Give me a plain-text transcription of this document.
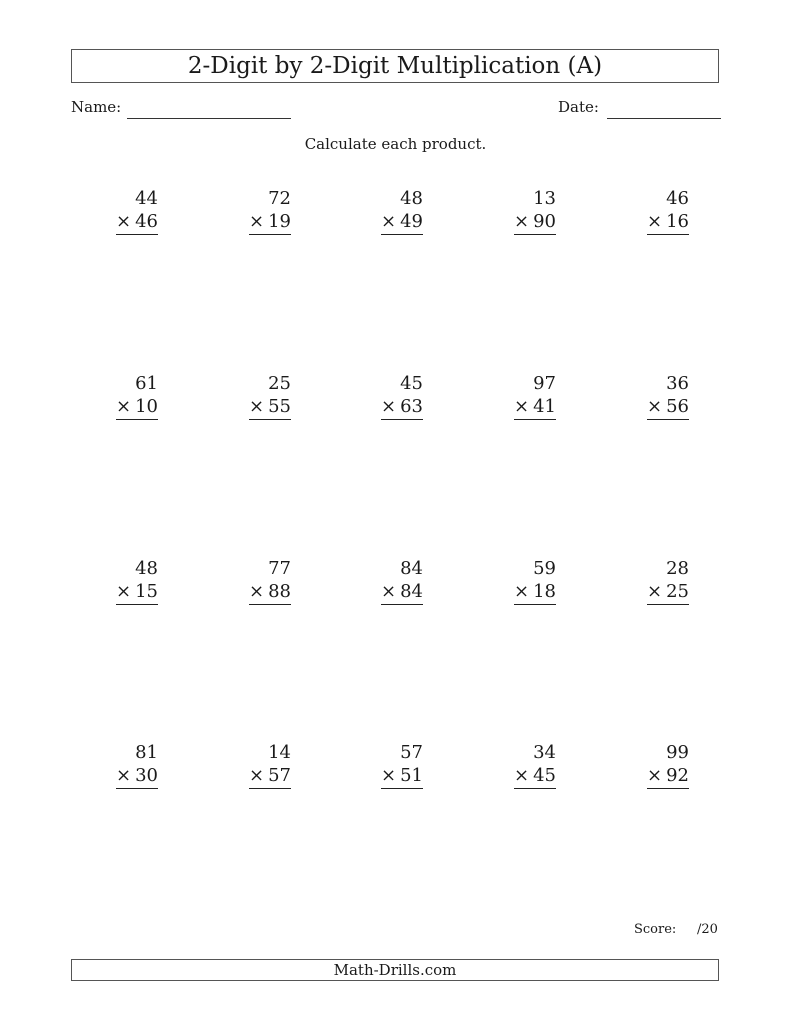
2-Digit by 2-Digit Multiplication (A)
Name:	Date:
Calculate each product.
44
× 46
72
× 19
48
× 49
13
× 90
46
× 16
61
× 10
25
× 55
45
× 63
97
× 41
36
× 56
48
× 15
77
× 88
84
× 84
59
× 18
28
× 25
81
× 30
14
× 57
57
× 51
34
× 45
99
× 92
Score: /20
Math-Drills.com
